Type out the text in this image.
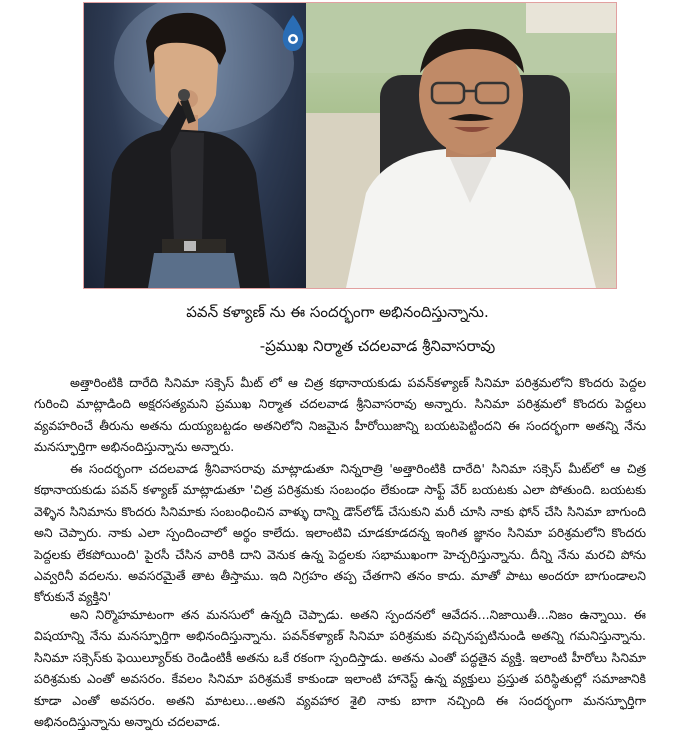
పవన్ కళ్యాణ్ ను ఈ సందర్భంగా అభినందిస్తున్నాను.
-ప్రముఖ నిర్మాత చదలవాడ శ్రీనివాసరావు

అత్తారింటికి దారేది సినిమా సక్సెస్ మీట్ లో ఆ చిత్ర కథానాయకుడు పవన్‌కళ్యాణ్ సినిమా పరిశ్రమలోని కొందరు పెద్దల గురించి మాట్లాడింది అక్షరసత్యమని ప్రముఖ నిర్మాత చదలవాడ శ్రీనివాసరావు అన్నారు. సినిమా పరిశ్రమలో కొందరు పెద్దలు వ్యవహరించే తీరును అతను దుయ్యబట్టడం అతనిలోని నిజమైన హీరోయిజాన్ని బయటపెట్టిందని ఈ సందర్భంగా అతన్ని నేను మనస్ఫూర్తిగా అభినందిస్తున్నాను అన్నారు.

ఈ సందర్భంగా చదలవాడ శ్రీనివాసరావు మాట్లాడుతూ నిన్నరాత్రి 'అత్తారింటికి దారేది' సినిమా సక్సెస్ మీట్‌లో ఆ చిత్ర కథానాయకుడు పవన్ కళ్యాణ్ మాట్లాడుతూ 'చిత్ర పరిశ్రమకు సంబంధం లేకుండా సాఫ్ట్ వేర్ బయటకు ఎలా పోతుంది. బయటకు వెళ్ళిన సినిమాను కొందరు సినిమాకు సంబంధించిన వాళ్ళు దాన్ని డౌన్‌లోడ్ చేసుకుని మరీ చూసి నాకు ఫోన్ చేసి సినిమా బాగుంది అని చెప్పారు. నాకు ఎలా స్పందించాలో అర్థం కాలేదు. ఇలాంటివి చూడకూడదన్న ఇంగిత జ్ఞానం సినిమా పరిశ్రమలోని కొందరు పెద్దలకు లేకపోయింది' పైరసీ చేసిన వారికి దాని వెనుక ఉన్న పెద్దలకు సభాముఖంగా హెచ్చరిస్తున్నాను. దీన్ని నేను మరచి పోను ఎవ్వరినీ వదలను. అవసరమైతే తాట తీస్తాము. ఇది నిగ్రహం తప్ప చేతగాని తనం కాదు. మాతో పాటు అందరూ బాగుండాలని కోరుకునే వ్యక్తిని'

అని నిర్మొహమాటంగా తన మనసులో ఉన్నది చెప్పాడు. అతని స్పందనలో ఆవేదన...నిజాయితీ...నిజం ఉన్నాయి. ఈ విషయాన్ని నేను మనస్ఫూర్తిగా అభినందిస్తున్నాను. పవన్‌కళ్యాణ్ సినిమా పరిశ్రమకు వచ్చినప్పటినుండి అతన్ని గమనిస్తున్నాను. సినిమా సక్సెస్‌కు ఫెయిల్యూర్‌కు రెండింటికీ అతను ఒకే రకంగా స్పందిస్తాడు. అతను ఎంతో పద్ధతైన వ్యక్తి. ఇలాంటి హీరోలు సినిమా పరిశ్రమకు ఎంతో అవసరం. కేవలం సినిమా పరిశ్రమకే కాకుండా ఇలాంటి హానెస్ట్ ఉన్న వ్యక్తులు ప్రస్తుత పరిస్థితుల్లో సమాజానికి కూడా ఎంతో అవసరం. అతని మాటలు...అతని వ్యవహార శైలి నాకు బాగా నచ్చింది ఈ సందర్భంగా మనస్ఫూర్తిగా అభినందిస్తున్నాను అన్నారు చదలవాడ.
